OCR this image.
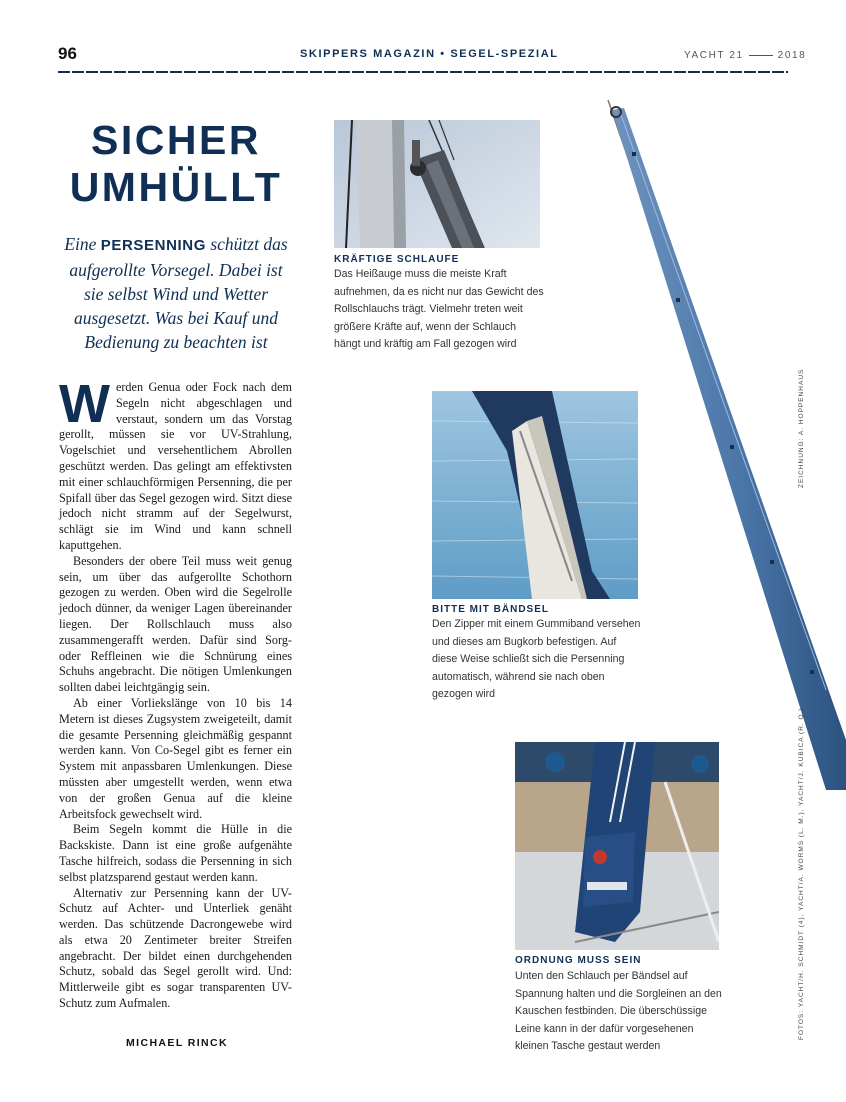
96	SKIPPERS MAGAZIN • SEGEL-SPEZIAL	YACHT 21	2018
SICHER
UMHÜLLT
Eine PERSENNING schützt das aufgerollte Vorsegel. Dabei ist sie selbst Wind und Wetter ausgesetzt. Was bei Kauf und Bedienung zu beachten ist

Werden Genua oder Fock nach dem Segeln nicht abgeschlagen und verstaut, sondern um das Vorstag gerollt, müssen sie vor UV-Strahlung, Vogelschiet und versehentlichem Abrollen geschützt werden. Das gelingt am effektivsten mit einer schlauchförmigen Persenning, die per Spifall über das Segel gezogen wird. Sitzt diese jedoch nicht stramm auf der Segelwurst, schlägt sie im Wind und kann schnell kaputtgehen.

Besonders der obere Teil muss weit genug sein, um über das aufgerollte Schothorn gezogen zu werden. Oben wird die Segelrolle jedoch dünner, da weniger Lagen übereinander liegen. Der Rollschlauch muss also zusammengerafft werden. Dafür sind Sorg- oder Reffleinen wie die Schnürung eines Schuhs angebracht. Die nötigen Umlenkungen sollten dabei leichtgängig sein.

Ab einer Vorliekslänge von 10 bis 14 Metern ist dieses Zugsystem zweigeteilt, damit die gesamte Persenning gleichmäßig gespannt werden kann. Von Co-Segel gibt es ferner ein System mit anpassbaren Umlenkungen. Diese müssten aber umgestellt werden, wenn etwa von der großen Genua auf die kleine Arbeitsfock gewechselt wird.

Beim Segeln kommt die Hülle in die Backskiste. Dann ist eine große aufgenähte Tasche hilfreich, sodass die Persenning in sich selbst platzsparend gestaut werden kann.

Alternativ zur Persenning kann der UV-Schutz auf Achter- und Unterliek genäht werden. Das schützende Dacrongewebe wird als etwa 20 Zentimeter breiter Streifen angebracht. Der bildet einen durchgehenden Schutz, sobald das Segel gerollt wird. Und: Mittlerweile gibt es sogar transparenten UV-Schutz zum Aufmalen.

MICHAEL RINCK
KRÄFTIGE SCHLAUFE
Das Heißauge muss die meiste Kraft aufnehmen, da es nicht nur das Gewicht des Rollschlauchs trägt. Vielmehr treten weit größere Kräfte auf, wenn der Schlauch hängt und kräftig am Fall gezogen wird
BITTE MIT BÄNDSEL
Den Zipper mit einem Gummiband versehen und dieses am Bugkorb befestigen. Auf diese Weise schließt sich die Persenning automatisch, während sie nach oben gezogen wird
ORDNUNG MUSS SEIN
Unten den Schlauch per Bändsel auf Spannung halten und die Sorgleinen an den Kauschen festbinden. Die überschüssige Leine kann in der dafür vorgesehenen kleinen Tasche gestaut werden
ZEICHNUNG: A. HOPPENHAUS
FOTOS: YACHT/H. SCHMIDT (4), YACHT/A. WORMS (L. M.), YACHT/J. KUBICA (R. O.)
